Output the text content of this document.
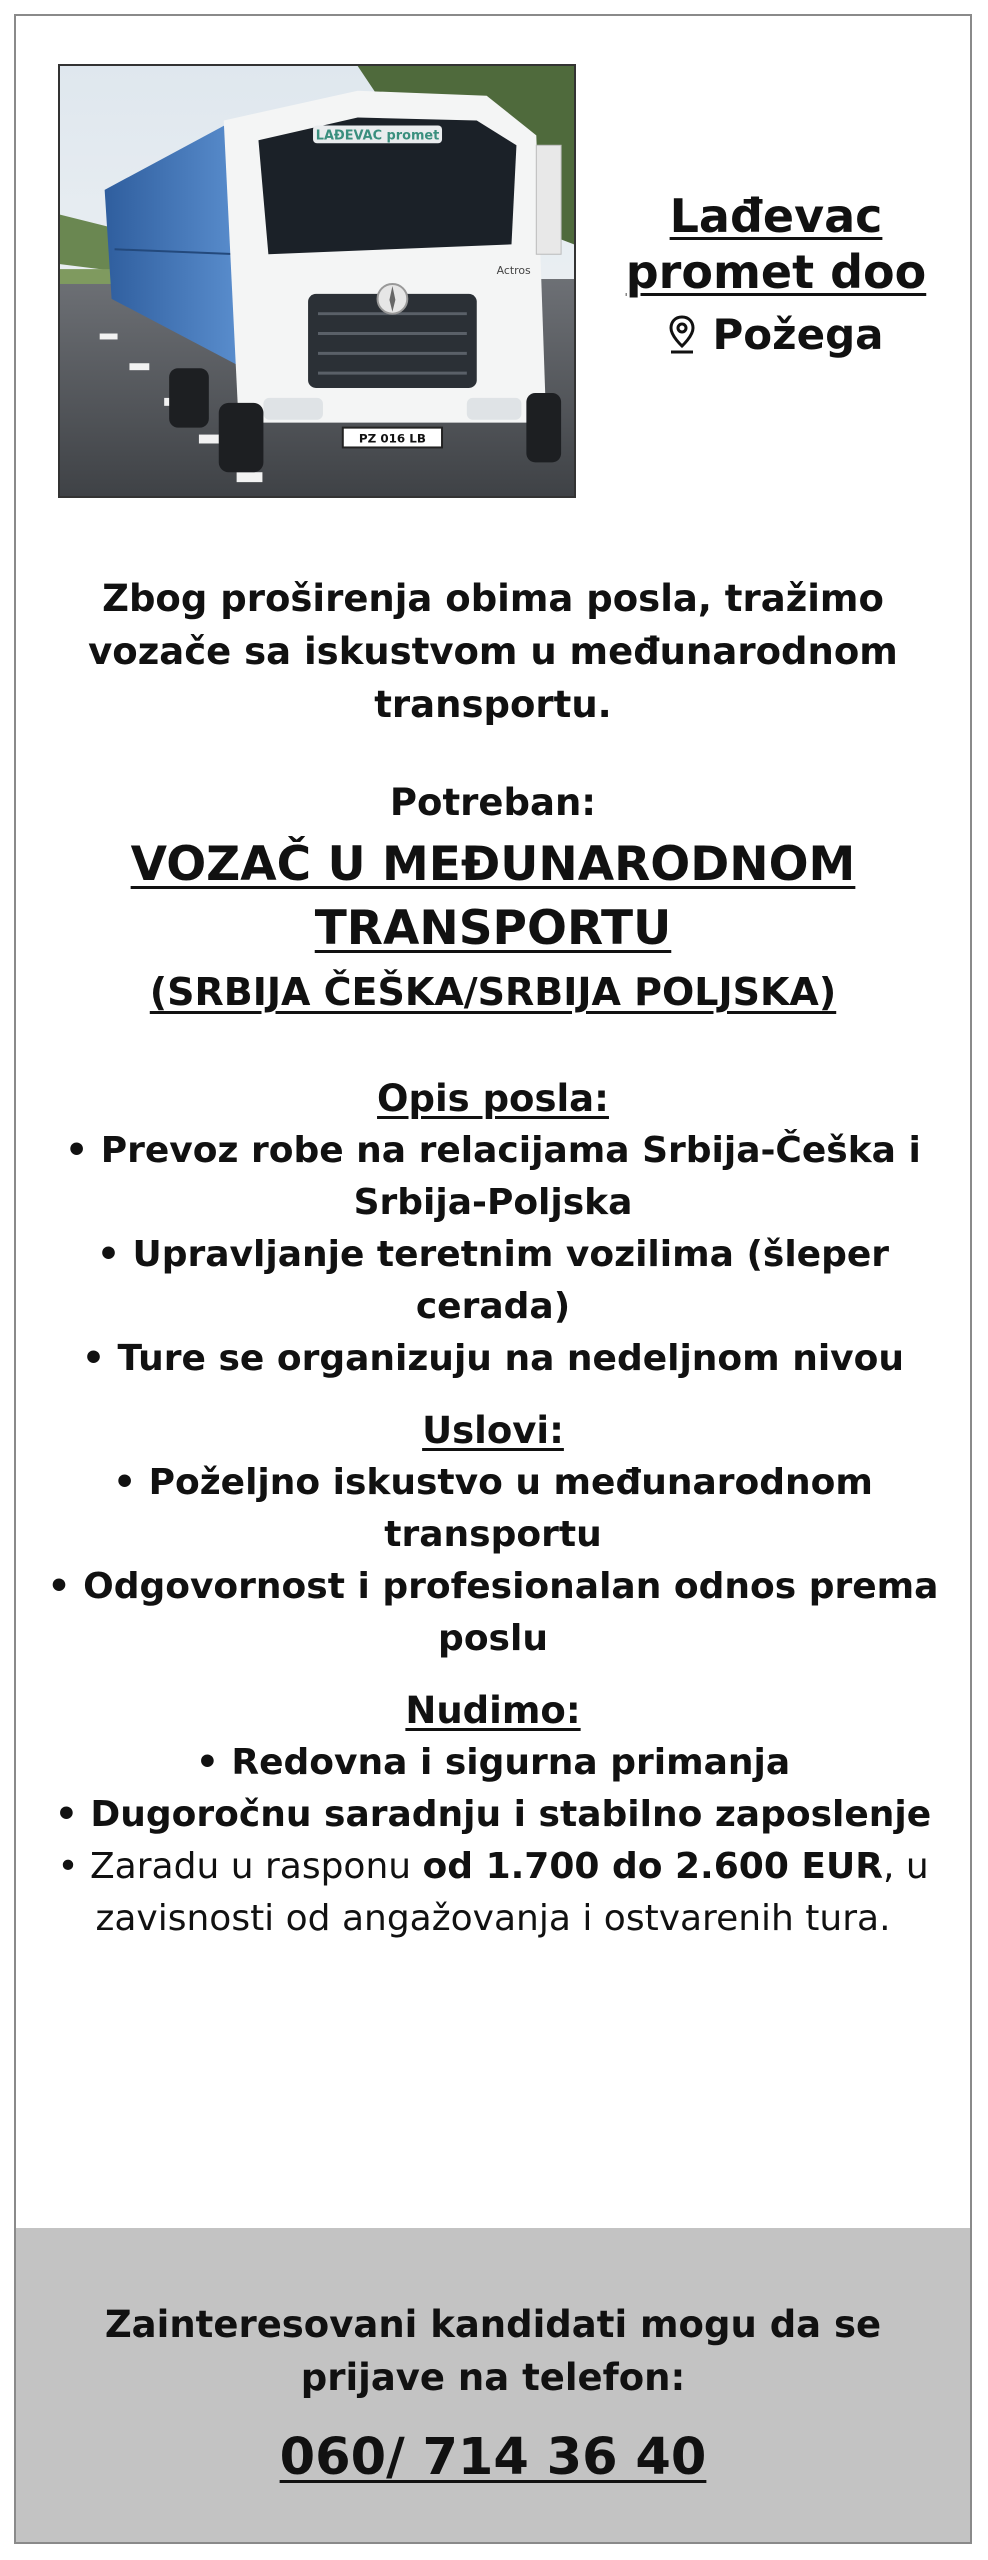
LAĐEVAC promet
PZ 016 LB
Actros
Lađevac
promet doo
Požega
Zbog proširenja obima posla, tražimo vozače sa iskustvom u međunarodnom transportu.
Potreban:
VOZAČ U MEĐUNARODNOM
TRANSPORTU
(SRBIJA ČEŠKA/SRBIJA POLJSKA)
Opis posla:
• Prevoz robe na relacijama Srbija-Češka i Srbija-Poljska
• Upravljanje teretnim vozilima (šleper cerada)
• Ture se organizuju na nedeljnom nivou
Uslovi:
• Poželjno iskustvo u međunarodnom transportu
• Odgovornost i profesionalan odnos prema poslu
Nudimo:
• Redovna i sigurna primanja
• Dugoročnu saradnju i stabilno zaposlenje
• Zaradu u rasponu od 1.700 do 2.600 EUR, u zavisnosti od angažovanja i ostvarenih tura.
Zainteresovani kandidati mogu da se prijave na telefon:
060/ 714 36 40
